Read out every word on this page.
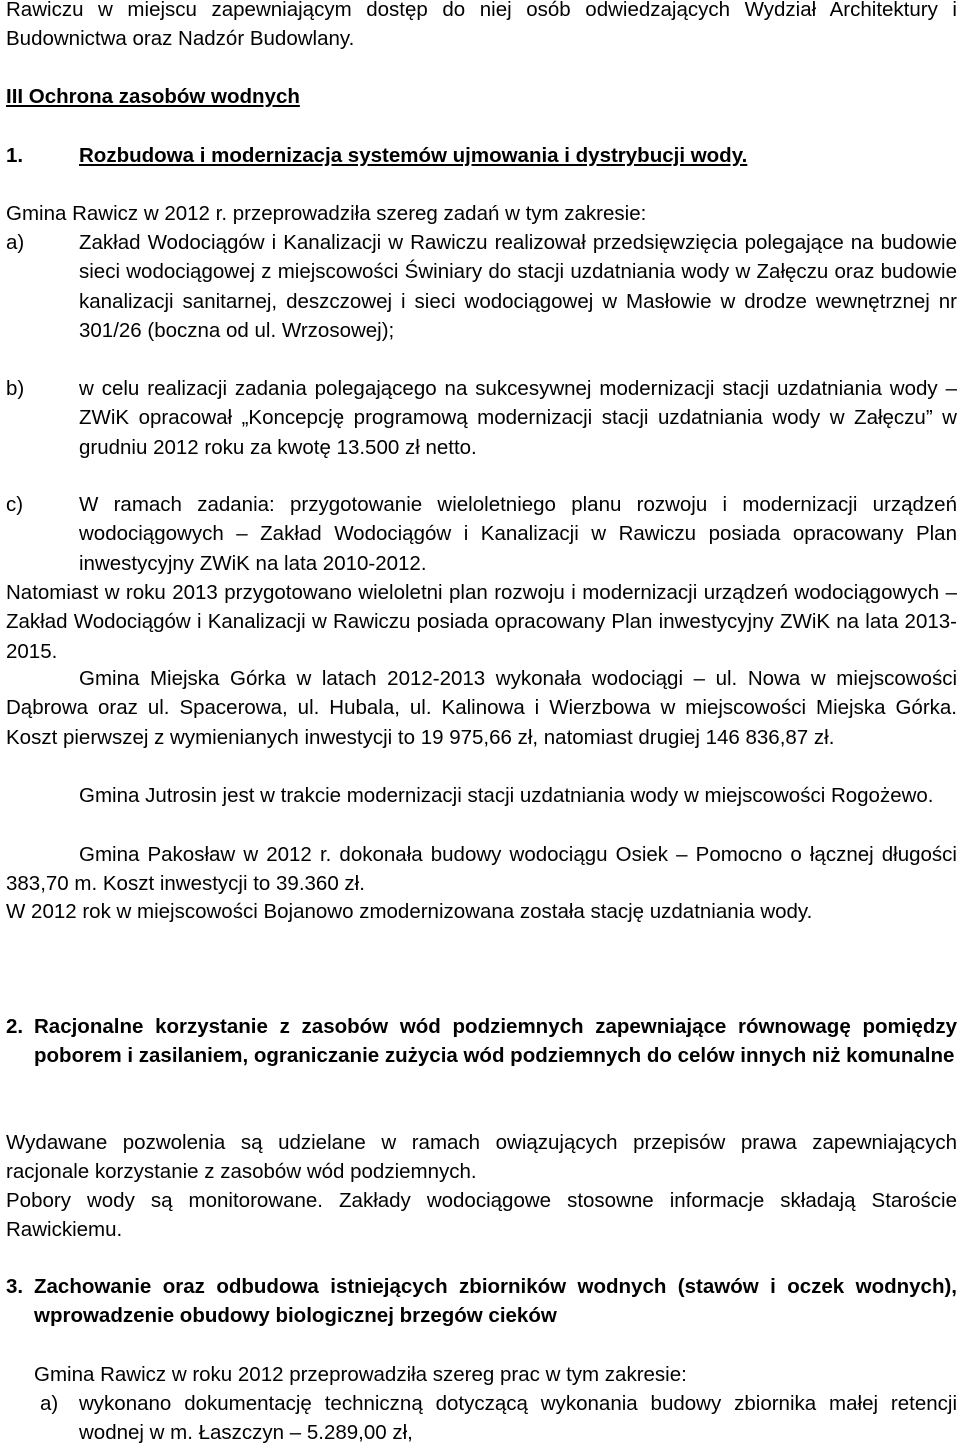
Rawiczu w miejscu zapewniającym dostęp do niej osób odwiedzających Wydział Architektury i Budownictwa oraz Nadzór Budowlany.

III Ochrona zasobów wodnych
1.	Rozbudowa i modernizacja systemów ujmowania i dystrybucji wody.
Gmina Rawicz w 2012 r. przeprowadziła szereg zadań w tym zakresie:
a)	Zakład Wodociągów i Kanalizacji w Rawiczu realizował przedsięwzięcia polegające na budowie sieci wodociągowej z miejscowości Świniary do stacji uzdatniania wody w Załęczu oraz budowie kanalizacji sanitarnej, deszczowej i sieci wodociągowej w Masłowie w drodze wewnętrznej nr 301/26 (boczna od ul. Wrzosowej);

b)	w celu realizacji zadania polegającego na sukcesywnej modernizacji stacji uzdatniania wody – ZWiK opracował „Koncepcję programową modernizacji stacji uzdatniania wody w Załęczu” w grudniu 2012 roku za kwotę 13.500 zł netto.

c)	W ramach zadania: przygotowanie wieloletniego planu rozwoju i modernizacji urządzeń wodociągowych – Zakład Wodociągów i Kanalizacji w Rawiczu posiada opracowany Plan inwestycyjny ZWiK na lata 2010-2012.

Natomiast w roku 2013 przygotowano wieloletni plan rozwoju i modernizacji urządzeń wodociągowych – Zakład Wodociągów i Kanalizacji w Rawiczu posiada opracowany Plan inwestycyjny ZWiK na lata 2013-2015.

Gmina Miejska Górka w latach 2012-2013 wykonała wodociągi – ul. Nowa w miejscowości Dąbrowa oraz ul. Spacerowa, ul. Hubala, ul. Kalinowa i Wierzbowa w miejscowości Miejska Górka. Koszt pierwszej z wymienianych inwestycji to 19 975,66 zł, natomiast drugiej 146 836,87 zł.

Gmina Jutrosin jest w trakcie modernizacji stacji uzdatniania wody w miejscowości Rogożewo.

Gmina Pakosław w 2012 r. dokonała budowy wodociągu Osiek – Pomocno o łącznej długości 383,70 m. Koszt inwestycji to 39.360 zł.

W 2012 rok w miejscowości Bojanowo zmodernizowana została stację uzdatniania wody.

2. Racjonalne korzystanie z zasobów wód podziemnych zapewniające równowagę pomiędzy poborem i zasilaniem, ograniczanie zużycia wód podziemnych do celów innych niż komunalne

Wydawane pozwolenia są udzielane w ramach owiązujących przepisów prawa zapewniających racjonale korzystanie z zasobów wód podziemnych.

Pobory wody są monitorowane. Zakłady wodociągowe stosowne informacje składają Staroście Rawickiemu.

3. Zachowanie oraz odbudowa istniejących zbiorników wodnych (stawów i oczek wodnych), wprowadzenie obudowy biologicznej brzegów cieków

Gmina Rawicz w roku 2012 przeprowadziła szereg prac w tym zakresie:
a)	wykonano dokumentację techniczną dotyczącą wykonania budowy zbiornika małej retencji wodnej w m. Łaszczyn – 5.289,00 zł,
